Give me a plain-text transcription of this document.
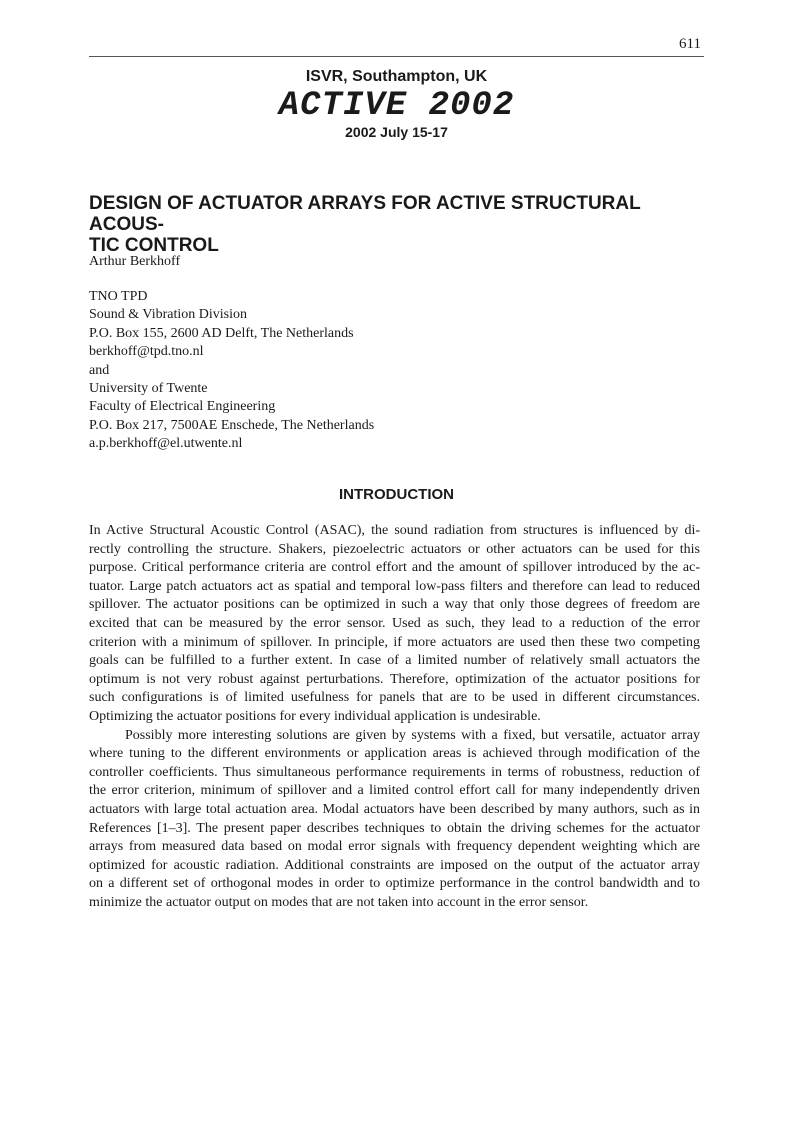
611
ISVR, Southampton, UK
ACTIVE 2002
2002 July 15-17
DESIGN OF ACTUATOR ARRAYS FOR ACTIVE STRUCTURAL ACOUS-
TIC CONTROL
Arthur Berkhoff
TNO TPD
Sound & Vibration Division
P.O. Box 155, 2600 AD Delft, The Netherlands
berkhoff@tpd.tno.nl
and
University of Twente
Faculty of Electrical Engineering
P.O. Box 217, 7500AE Enschede, The Netherlands
a.p.berkhoff@el.utwente.nl
INTRODUCTION
In Active Structural Acoustic Control (ASAC), the sound radiation from structures is influenced by di-
rectly controlling the structure. Shakers, piezoelectric actuators or other actuators can be used for this
purpose. Critical performance criteria are control effort and the amount of spillover introduced by the ac-
tuator. Large patch actuators act as spatial and temporal low-pass filters and therefore can lead to reduced
spillover. The actuator positions can be optimized in such a way that only those degrees of freedom are
excited that can be measured by the error sensor. Used as such, they lead to a reduction of the error
criterion with a minimum of spillover. In principle, if more actuators are used then these two competing
goals can be fulfilled to a further extent. In case of a limited number of relatively small actuators the
optimum is not very robust against perturbations. Therefore, optimization of the actuator positions for
such configurations is of limited usefulness for panels that are to be used in different circumstances.
Optimizing the actuator positions for every individual application is undesirable.
Possibly more interesting solutions are given by systems with a fixed, but versatile, actuator array
where tuning to the different environments or application areas is achieved through modification of the
controller coefficients. Thus simultaneous performance requirements in terms of robustness, reduction of
the error criterion, minimum of spillover and a limited control effort call for many independently driven
actuators with large total actuation area. Modal actuators have been described by many authors, such as in
References [1–3]. The present paper describes techniques to obtain the driving schemes for the actuator
arrays from measured data based on modal error signals with frequency dependent weighting which are
optimized for acoustic radiation. Additional constraints are imposed on the output of the actuator array
on a different set of orthogonal modes in order to optimize performance in the control bandwidth and to
minimize the actuator output on modes that are not taken into account in the error sensor.
